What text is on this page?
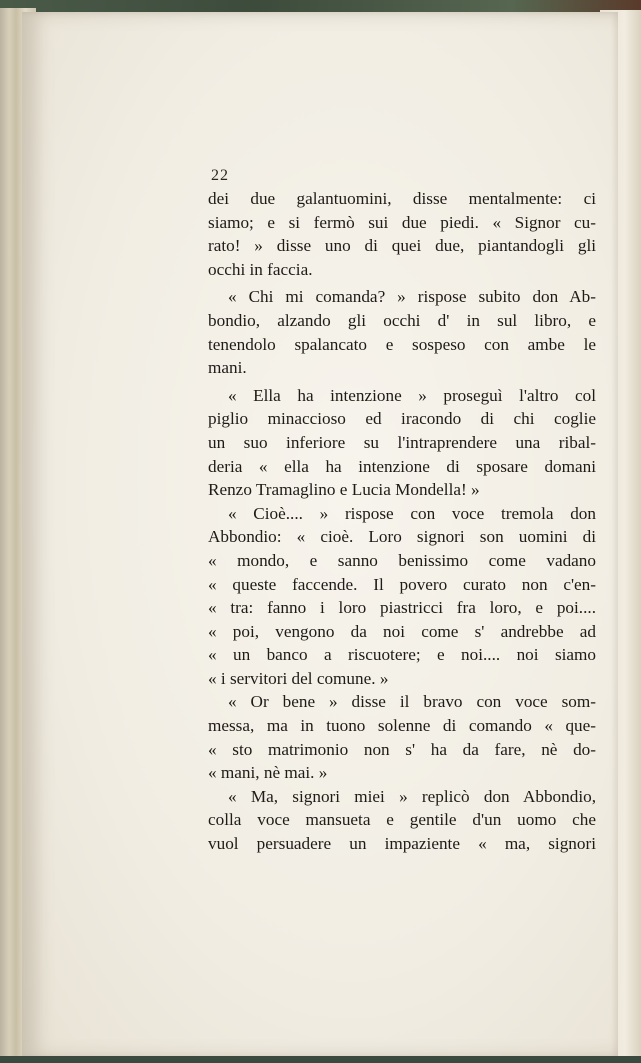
22
dei due galantuomini, disse mentalmente: ci
siamo; e si fermò sui due piedi. « Signor cu-
rato! » disse uno di quei due, piantandogli gli
occhi in faccia.
« Chi mi comanda? » rispose subito don Ab-
bondio, alzando gli occhi d' in sul libro, e
tenendolo spalancato e sospeso con ambe le
mani.
« Ella ha intenzione » proseguì l'altro col
piglio minaccioso ed iracondo di chi coglie
un suo inferiore su l'intraprendere una ribal-
deria « ella ha intenzione di sposare domani
Renzo Tramaglino e Lucia Mondella! »
« Cioè.... » rispose con voce tremola don
Abbondio: « cioè. Loro signori son uomini di
« mondo, e sanno benissimo come vadano
« queste faccende. Il povero curato non c'en-
« tra: fanno i loro piastricci fra loro, e poi....
« poi, vengono da noi come s' andrebbe ad
« un banco a riscuotere; e noi.... noi siamo
« i servitori del comune. »
« Or bene » disse il bravo con voce som-
messa, ma in tuono solenne di comando « que-
« sto matrimonio non s' ha da fare, nè do-
« mani, nè mai. »
« Ma, signori miei » replicò don Abbondio,
colla voce mansueta e gentile d'un uomo che
vuol persuadere un impaziente « ma, signori
